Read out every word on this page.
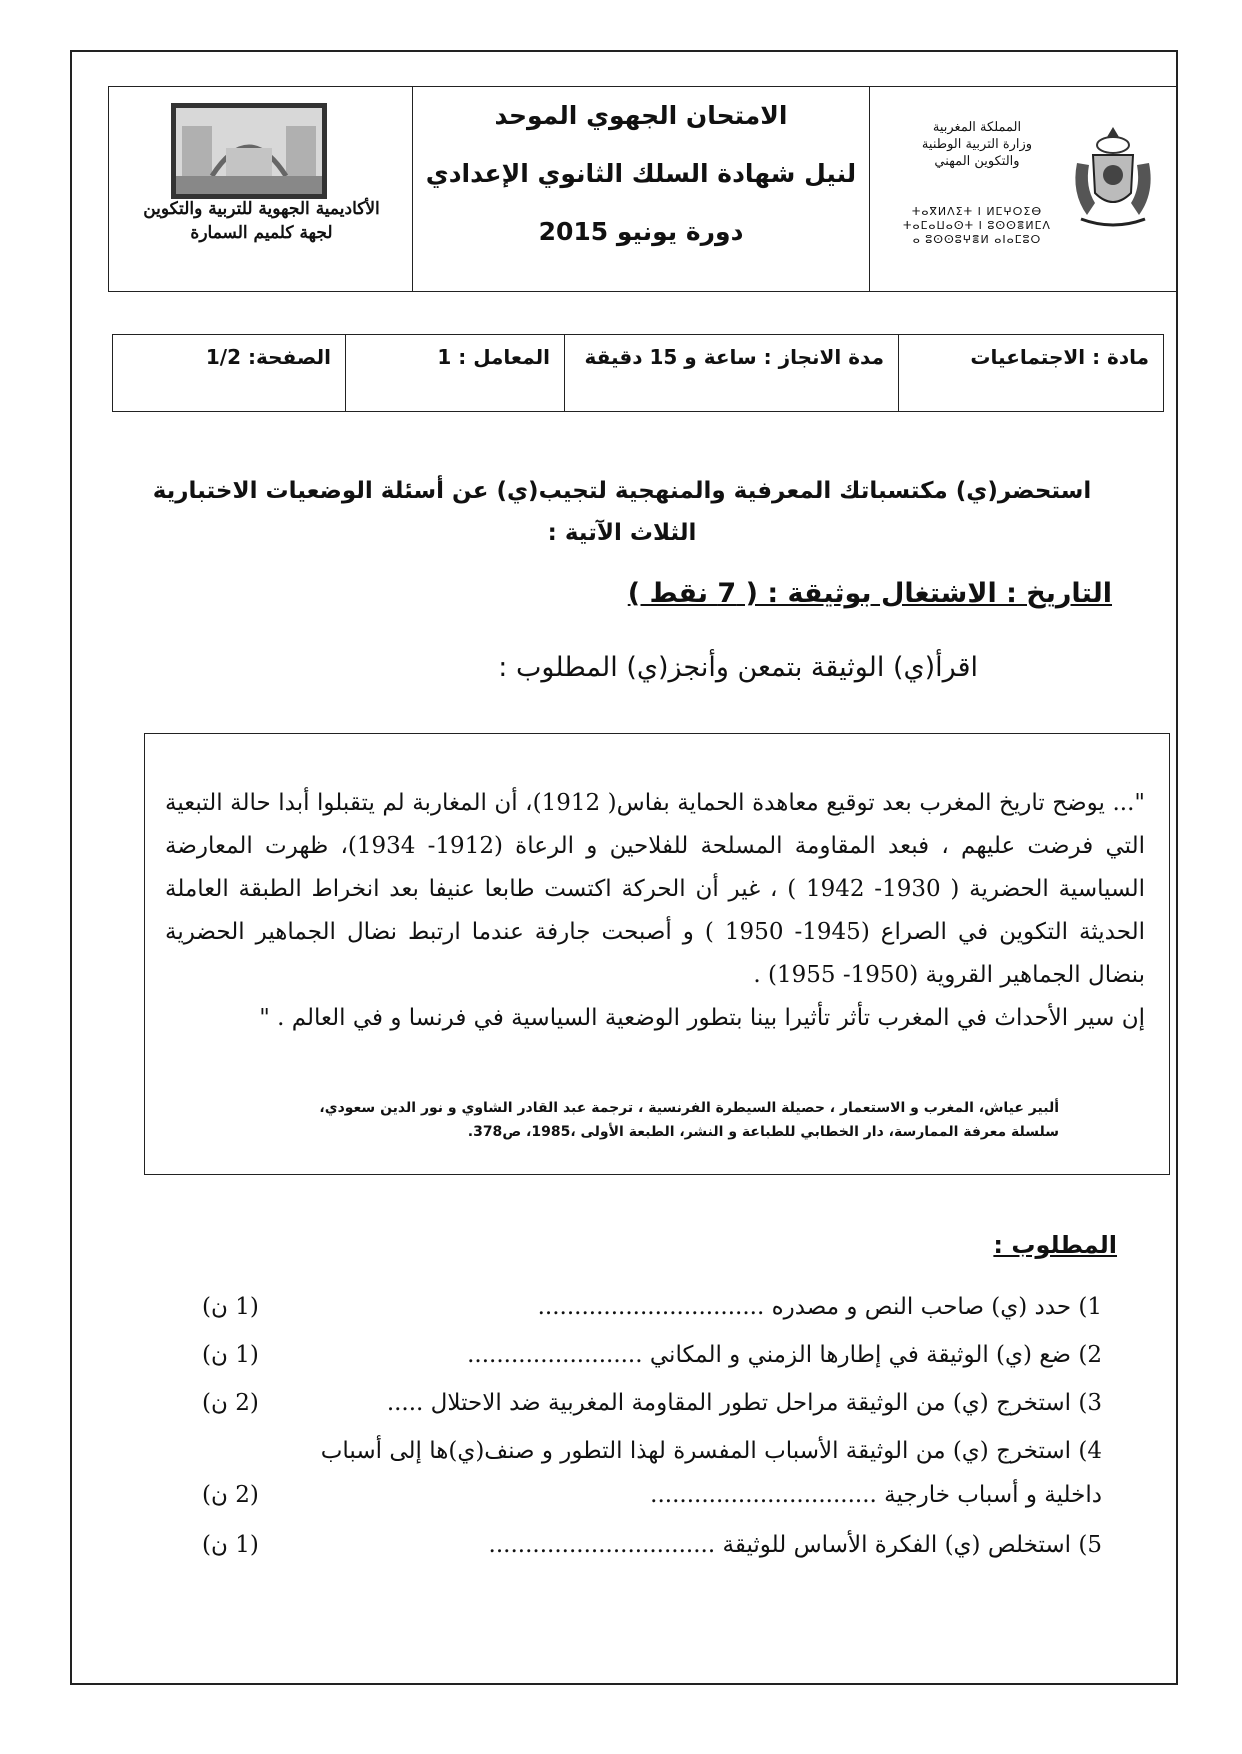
المملكة المغربية
وزارة التربية الوطنية
والتكوين المهني
ⵜⴰⴳⵍⴷⵉⵜ ⵏ ⵍⵎⵖⵔⵉⴱ
ⵜⴰⵎⴰⵡⴰⵙⵜ ⵏ ⵓⵙⵙⴻⵍⵎⴷ
ⴰ ⵓⵙⵙⵓⵖⴻⵍ ⴰⵏⴰⵎⵓⵔ
الامتحان الجهوي الموحد
لنيل شهادة السلك الثانوي الإعدادي
دورة يونيو 2015
الأكاديمية الجهوية للتربية والتكوين
لجهة كلميم السمارة
مادة : الاجتماعيات
مدة الانجاز : ساعة و 15 دقيقة
المعامل : 1
الصفحة: 1/2
استحضر(ي) مكتسباتك المعرفية والمنهجية لتجيب(ي) عن أسئلة الوضعيات الاختبارية الثلاث الآتية :
التاريخ : الاشتغال بوثيقة : ( 7 نقط )
اقرأ(ي) الوثيقة بتمعن وأنجز(ي) المطلوب :
"... يوضح تاريخ المغرب بعد توقيع معاهدة الحماية بفاس( 1912)، أن المغاربة لم يتقبلوا أبدا حالة التبعية التي فرضت عليهم ، فبعد المقاومة المسلحة للفلاحين و الرعاة (1912- 1934)، ظهرت المعارضة السياسية الحضرية ( 1930- 1942 ) ، غير أن الحركة اكتست طابعا عنيفا بعد انخراط الطبقة العاملة الحديثة التكوين في الصراع (1945- 1950 ) و أصبحت جارفة عندما ارتبط نضال الجماهير الحضرية بنضال الجماهير القروية (1950- 1955) .
إن سير الأحداث في المغرب تأثر تأثيرا بينا بتطور الوضعية السياسية في فرنسا و في العالم . "
ألبير عياش، المغرب و الاستعمار ، حصيلة السيطرة الفرنسية ، ترجمة عبد القادر الشاوي و نور الدين سعودي،
سلسلة معرفة الممارسة، دار الخطابي للطباعة و النشر، الطبعة الأولى ،1985، ص378.
المطلوب :
1) حدد (ي) صاحب النص و مصدره ...............................
(1 ن)
2) ضع (ي) الوثيقة في إطارها الزمني و المكاني ........................
(1 ن)
3) استخرج (ي) من الوثيقة مراحل تطور المقاومة المغربية ضد الاحتلال .....
(2 ن)
4) استخرج (ي) من الوثيقة الأسباب المفسرة لهذا التطور و صنف(ي)ها إلى أسباب
داخلية و أسباب خارجية ...............................
(2 ن)
5) استخلص (ي) الفكرة الأساس للوثيقة ...............................
(1 ن)
